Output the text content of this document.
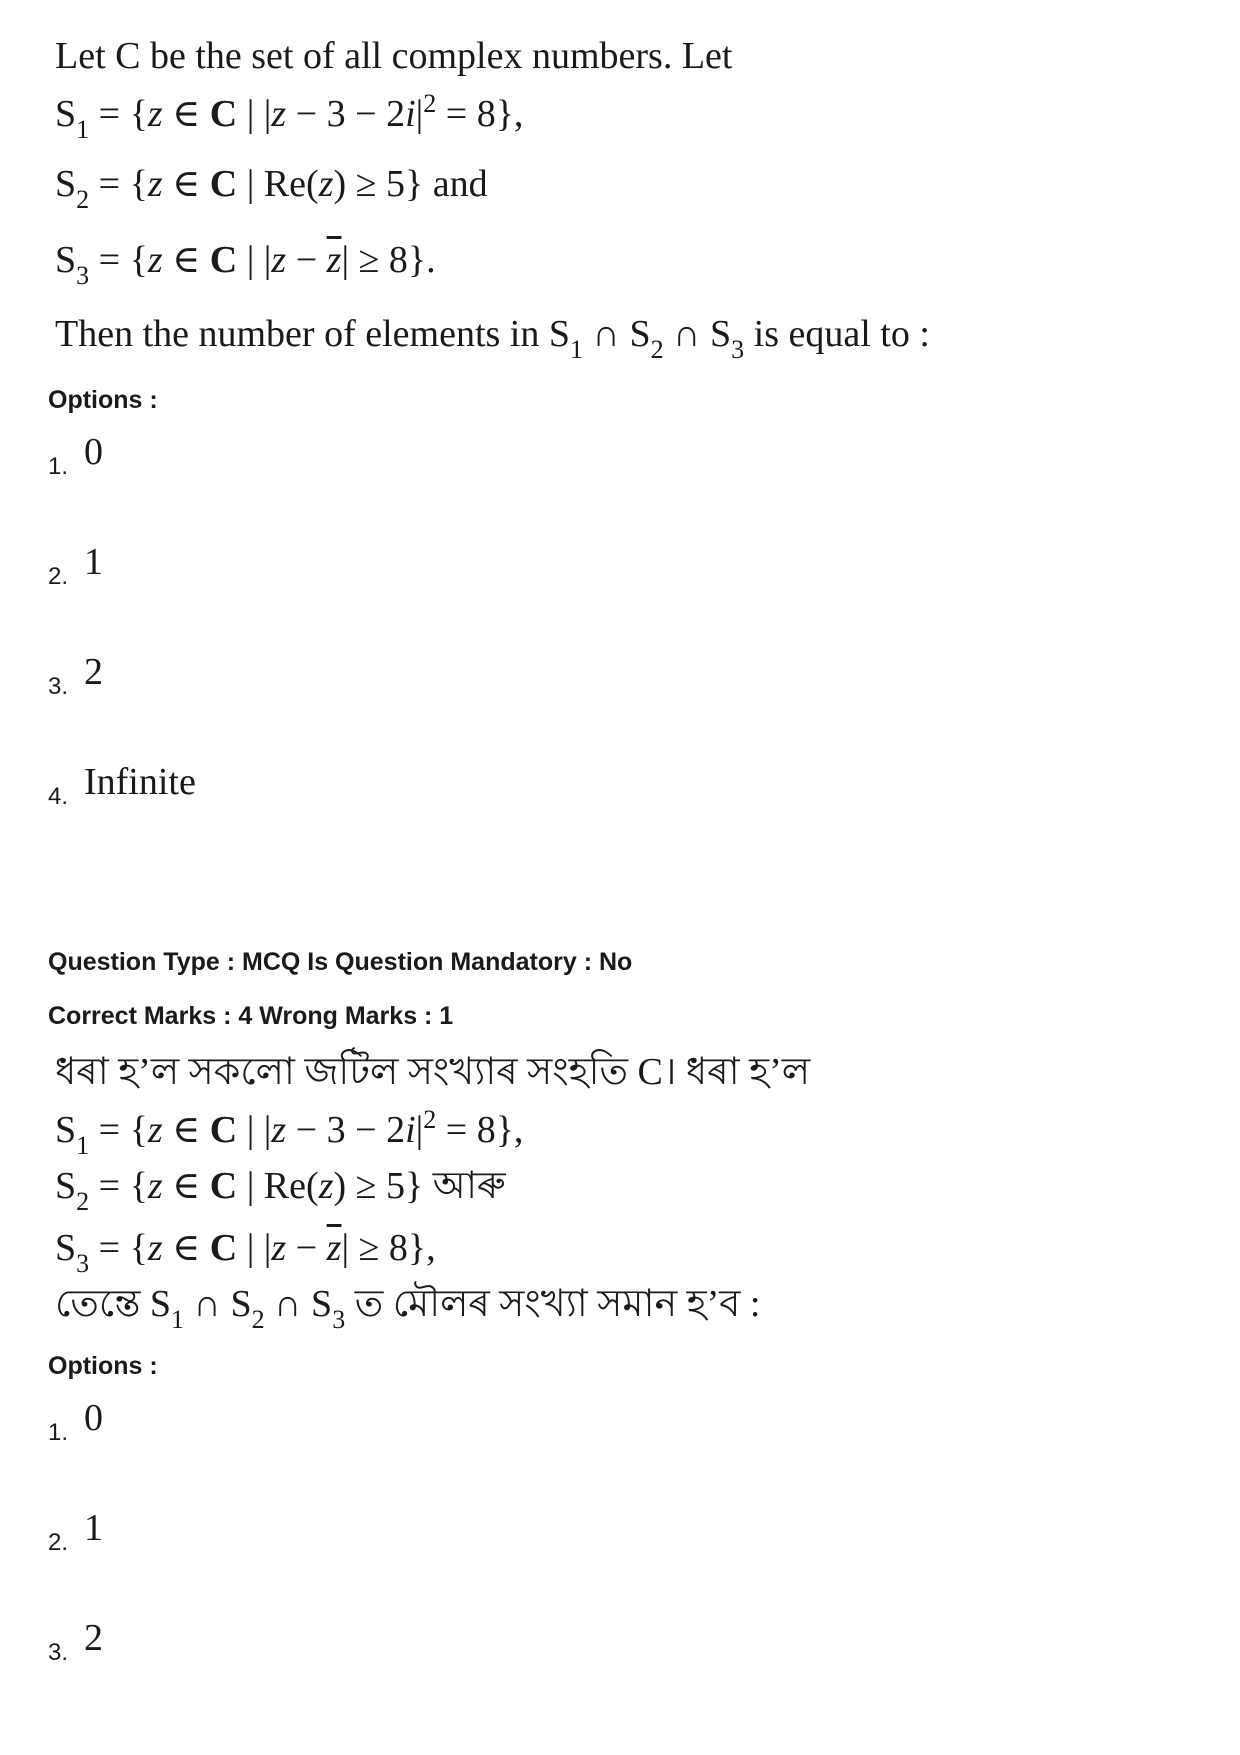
Let C be the set of all complex numbers. Let
$S_1 = \{z$ ∈ C | $|z - 3 - 2i|^2 = 8$},
$S_2 = \{z$ ∈ C | Re(z) ≥ 5} and
$S_3 = \{z$ ∈ C | $|z - \overline{z}| \ge 8$}.
Then the number of elements in $S_1$ ∩ $S_2$ ∩ $S_3$ is equal to :
Options :
1. 0
2. 1
3. 2
4. Infinite
Question Type : MCQ Is Question Mandatory : No
Correct Marks : 4 Wrong Marks : 1
ধৰা হ’ল সকলো জটিল সংখ্যাৰ সংহতি C। ধৰা হ’ল
$S_1 = \{z$ ∈ C | $|z - 3 - 2i|^2 = 8$},
$S_2 = \{z$ ∈ C | Re(z) ≥ 5} আৰু
$S_3 = \{z$ ∈ C | $|z - \overline{z}| \ge 8$},
তেন্তে $S_1$ ∩ $S_2$ ∩ $S_3$ ত মৌলৰ সংখ্যা সমান হ’ব :
Options :
1. 0
2. 1
3. 2
